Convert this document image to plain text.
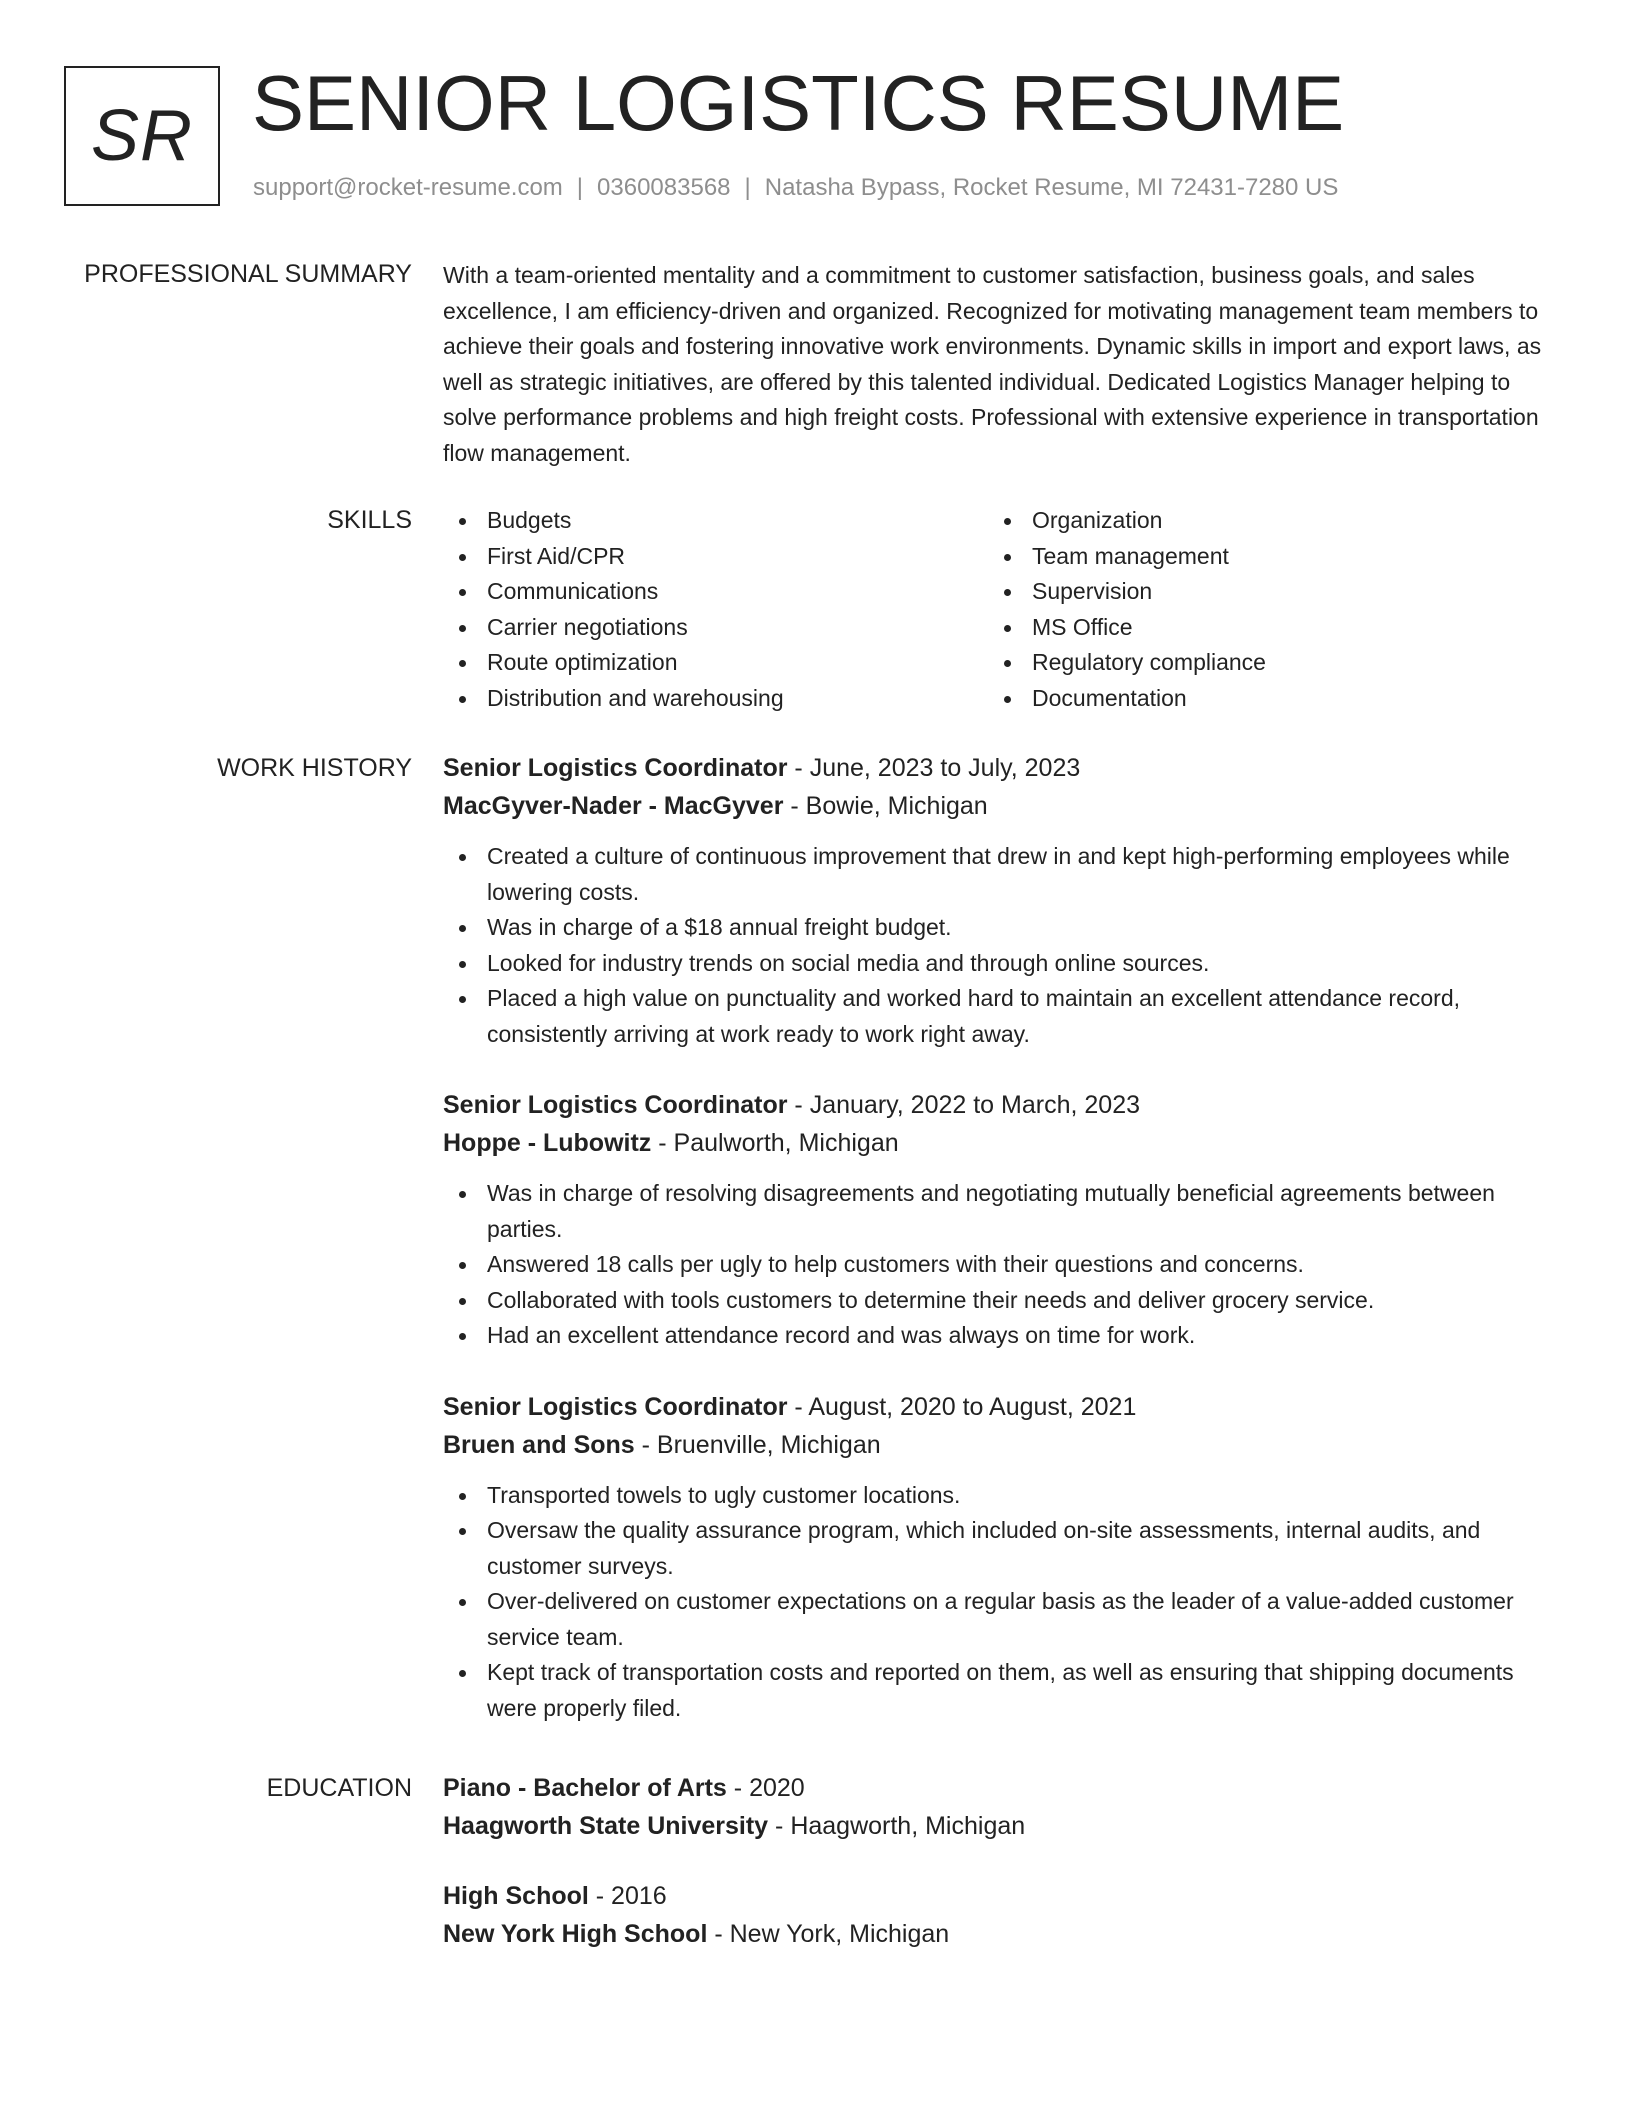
SR SENIOR LOGISTICS RESUME
support@rocket-resume.com | 0360083568 | Natasha Bypass, Rocket Resume, MI 72431-7280 US
PROFESSIONAL SUMMARY With a team-oriented mentality and a commitment to customer satisfaction, business goals, and sales excellence, I am efficiency-driven and organized. Recognized for motivating management team members to achieve their goals and fostering innovative work environments. Dynamic skills in import and export laws, as well as strategic initiatives, are offered by this talented individual. Dedicated Logistics Manager helping to solve performance problems and high freight costs. Professional with extensive experience in transportation flow management.

SKILLS	Budgets
First Aid/CPR
Communications
Carrier negotiations
Route optimization
Distribution and warehousing
Organization
Team management
Supervision
MS Office
Regulatory compliance
Documentation
WORK HISTORY Senior Logistics Coordinator - June, 2023 to July, 2023
MacGyver-Nader - MacGyver - Bowie, Michigan
Created a culture of continuous improvement that drew in and kept high-performing employees while lowering costs.
Was in charge of a $18 annual freight budget.
Looked for industry trends on social media and through online sources.
Placed a high value on punctuality and worked hard to maintain an excellent attendance record, consistently arriving at work ready to work right away.
Senior Logistics Coordinator - January, 2022 to March, 2023
Hoppe - Lubowitz - Paulworth, Michigan
Was in charge of resolving disagreements and negotiating mutually beneficial agreements between parties.
Answered 18 calls per ugly to help customers with their questions and concerns.
Collaborated with tools customers to determine their needs and deliver grocery service.
Had an excellent attendance record and was always on time for work.
Senior Logistics Coordinator - August, 2020 to August, 2021
Bruen and Sons - Bruenville, Michigan
Transported towels to ugly customer locations.
Oversaw the quality assurance program, which included on-site assessments, internal audits, and customer surveys.
Over-delivered on customer expectations on a regular basis as the leader of a value-added customer service team.
Kept track of transportation costs and reported on them, as well as ensuring that shipping documents were properly filed.
EDUCATION Piano - Bachelor of Arts - 2020
Haagworth State University - Haagworth, Michigan
High School - 2016
New York High School - New York, Michigan
